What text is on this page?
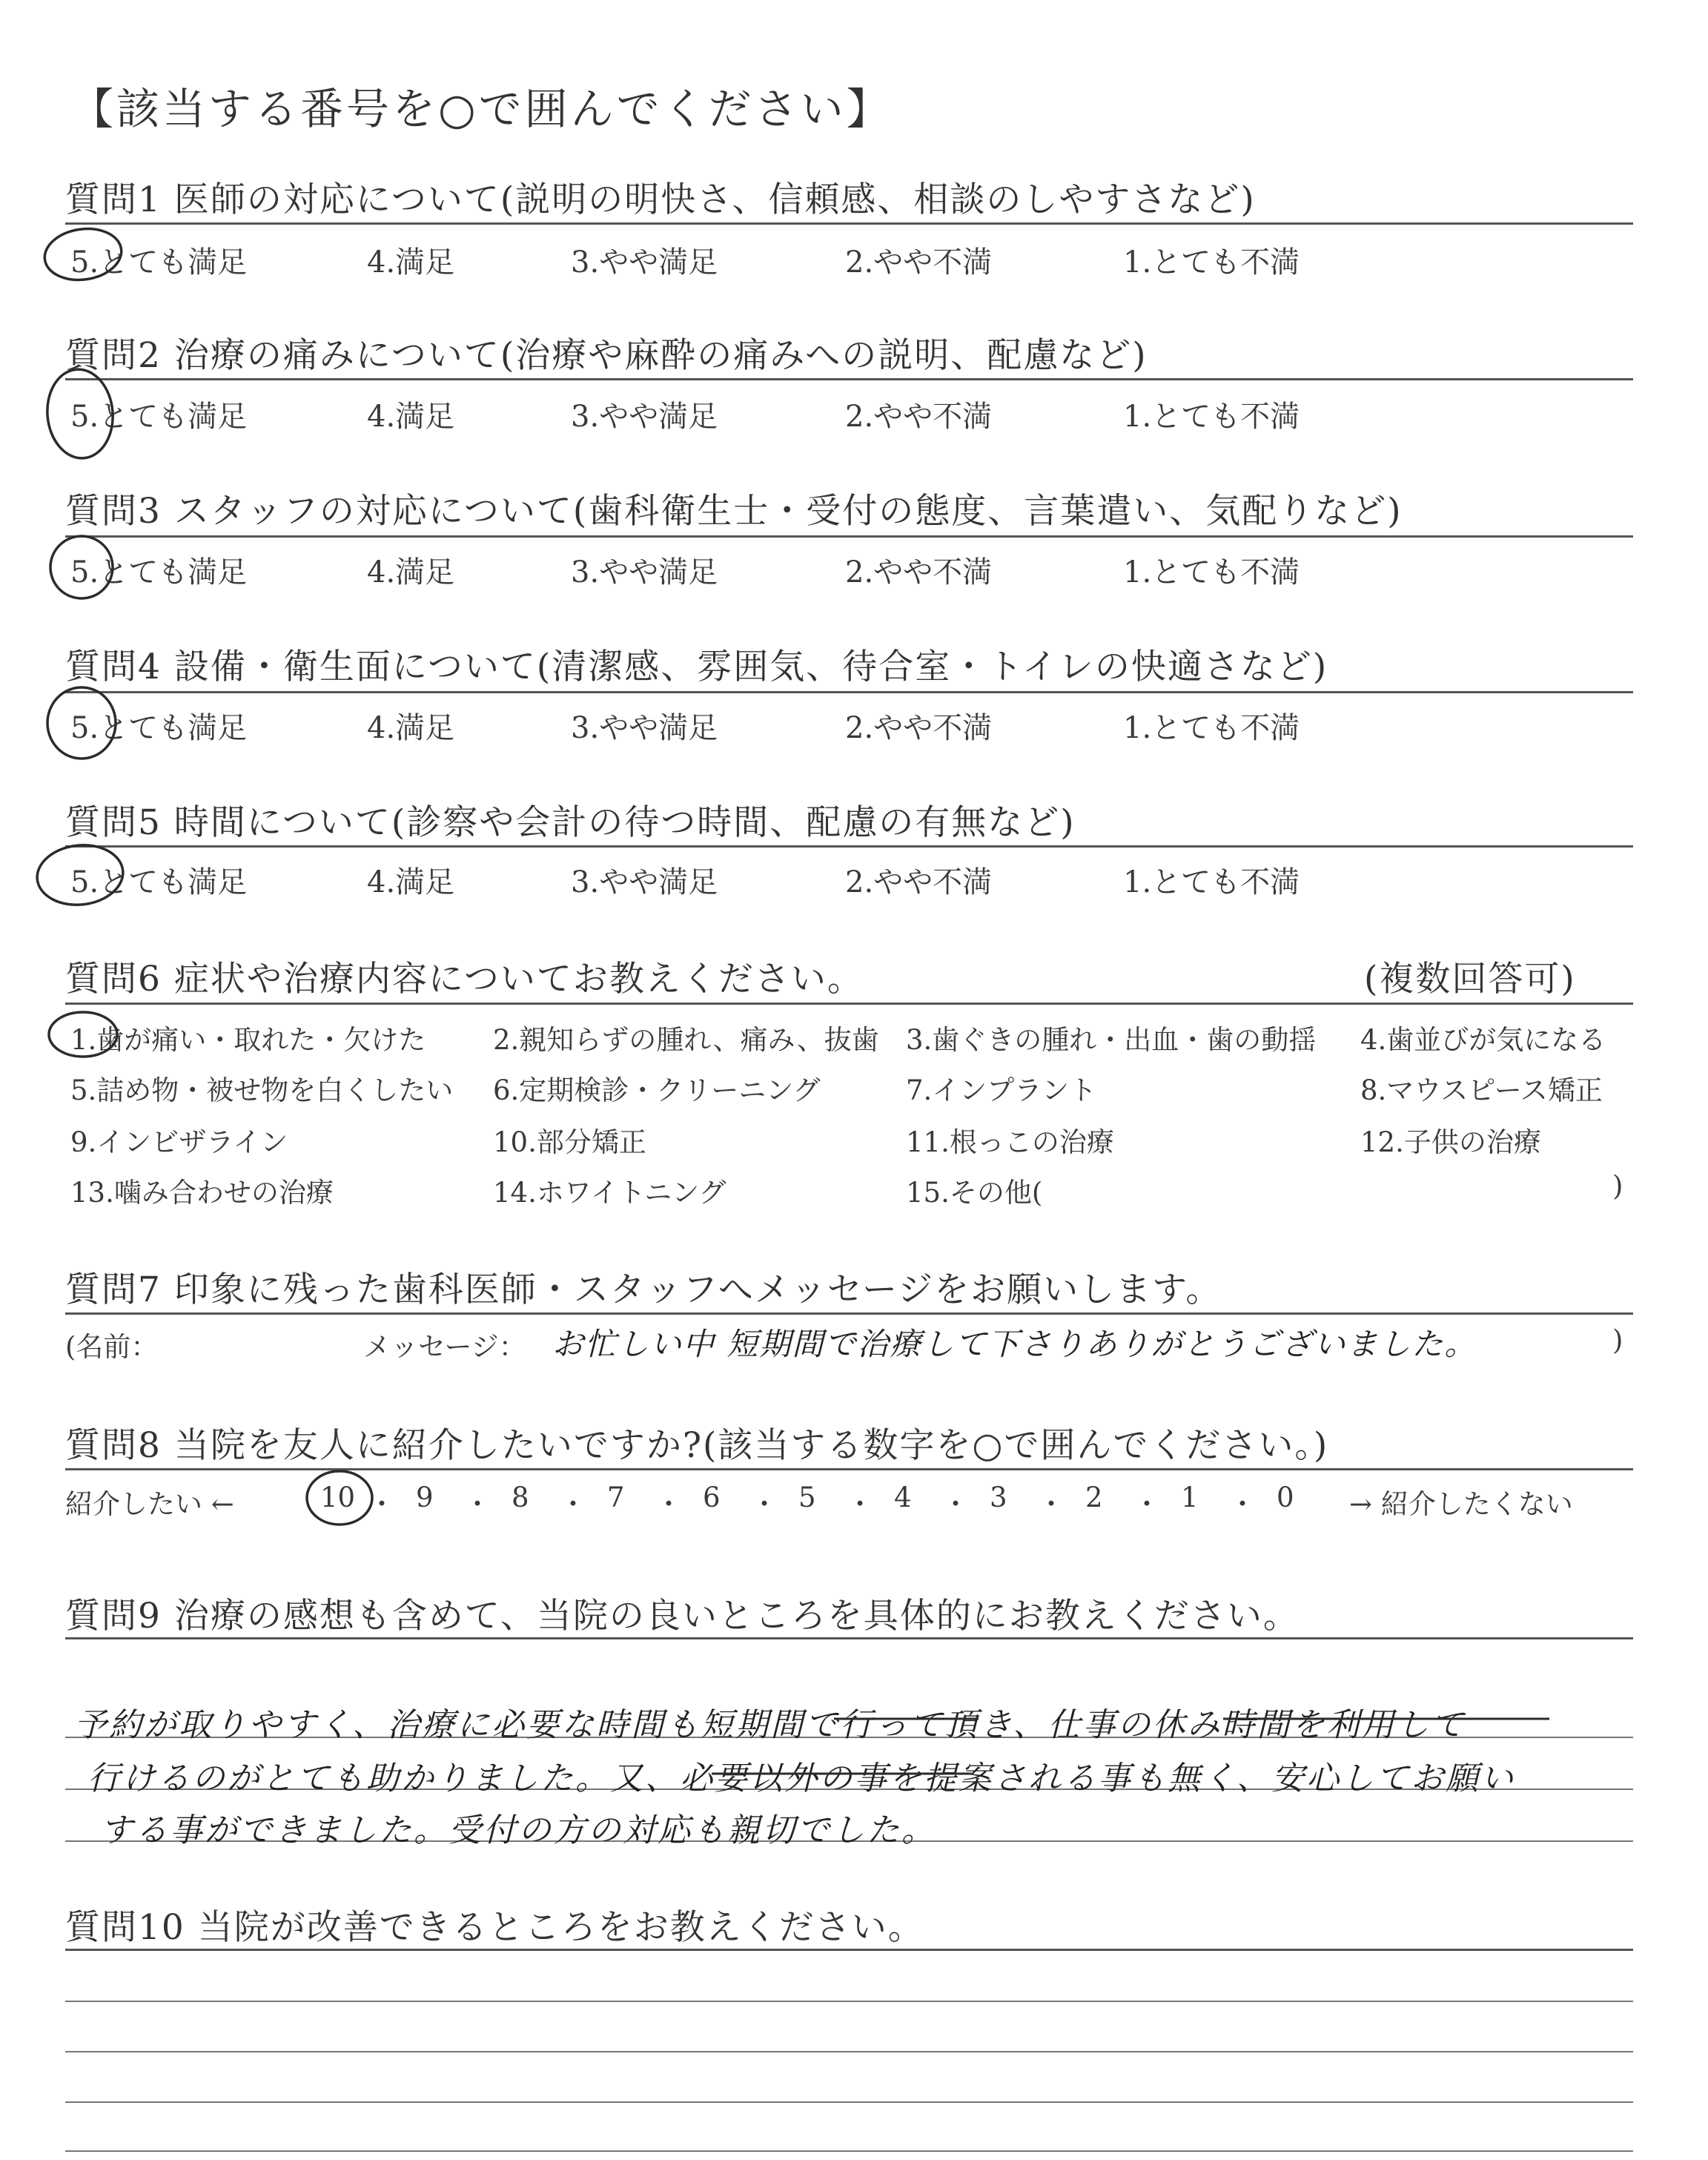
【該当する番号を○で囲んでください】
質問1 医師の対応について(説明の明快さ、信頼感、相談のしやすさなど)
5.とても満足	4.満足	3.やや満足	2.やや不満	1.とても不満
質問2 治療の痛みについて(治療や麻酔の痛みへの説明、配慮など)
5.とても満足	4.満足	3.やや満足	2.やや不満	1.とても不満
質問3 スタッフの対応について(歯科衛生士・受付の態度、言葉遣い、気配りなど)
5.とても満足	4.満足	3.やや満足	2.やや不満	1.とても不満
質問4 設備・衛生面について(清潔感、雰囲気、待合室・トイレの快適さなど)
5.とても満足	4.満足	3.やや満足	2.やや不満	1.とても不満
質問5 時間について(診察や会計の待つ時間、配慮の有無など)
5.とても満足	4.満足	3.やや満足	2.やや不満	1.とても不満
質問6 症状や治療内容についてお教えください。	(複数回答可)
1.歯が痛い・取れた・欠けた 2.親知らずの腫れ、痛み、抜歯 3.歯ぐきの腫れ・出血・歯の動揺 4.歯並びが気になる
5.詰め物・被せ物を白くしたい 6.定期検診・クリーニング	7.インプラント	8.マウスピース矯正
9.インビザライン	10.部分矯正	11.根っこの治療	12.子供の治療
13.噛み合わせの治療	14.ホワイトニング	15.その他(	)
質問7 印象に残った歯科医師・スタッフへメッセージをお願いします。
(名前：	メッセージ： お忙しい中 短期間で治療して下さりありがとうございました。	)
質問8 当院を友人に紹介したいですか?(該当する数字を○で囲んでください。)
紹介したい ←	10 ・ 9 ・ 8 ・ 7 ・ 6 ・ 5 ・ 4 ・ 3 ・ 2 ・ 1 ・ 0 → 紹介したくない
質問9 治療の感想も含めて、当院の良いところを具体的にお教えください。
予約が取りやすく、治療に必要な時間も短期間で行って頂き、仕事の休み時間を利用して
行けるのがとても助かりました。又、必要以外の事を提案される事も無く、安心してお願い
する事ができました。受付の方の対応も親切でした。
質問10 当院が改善できるところをお教えください。
